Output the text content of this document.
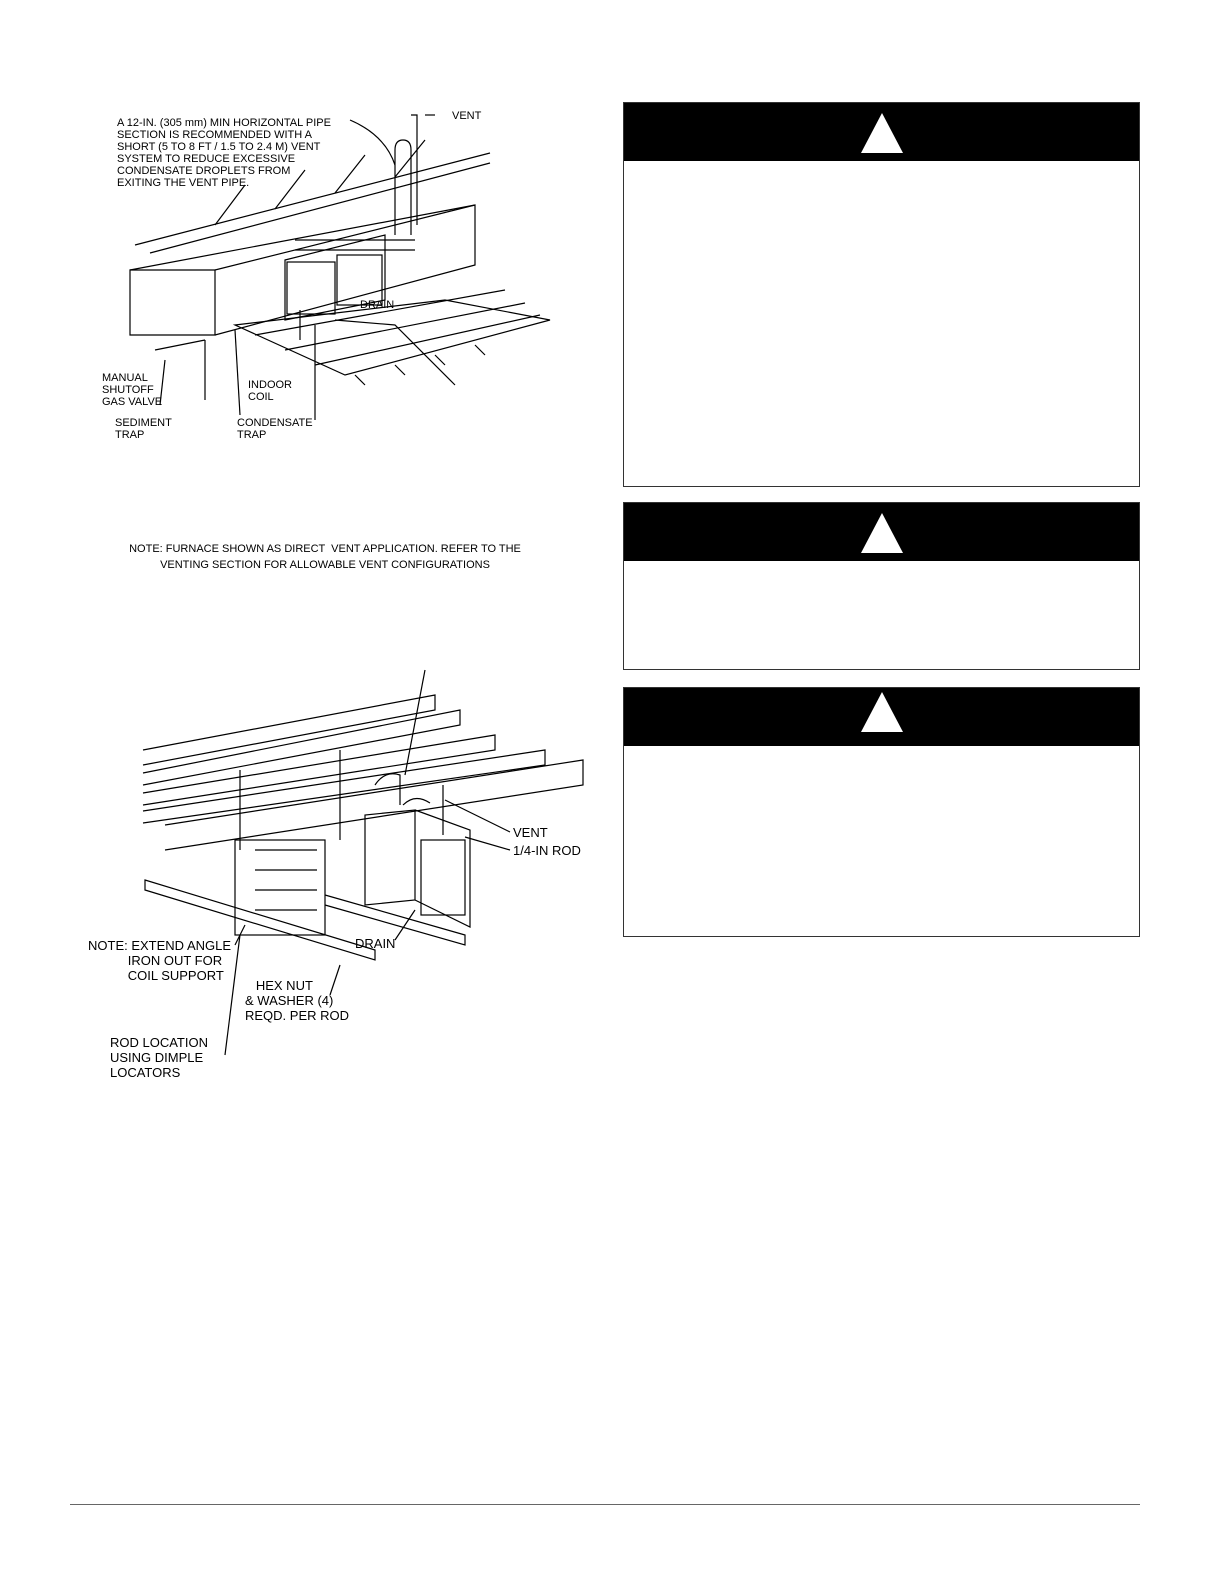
A 12-IN. (305 mm) MIN HORIZONTAL PIPE
SECTION IS RECOMMENDED WITH A
SHORT (5 TO 8 FT / 1.5 TO 2.4 M) VENT
SYSTEM TO REDUCE EXCESSIVE
CONDENSATE DROPLETS FROM
EXITING THE VENT PIPE.
VENT
DRAIN
MANUAL
SHUTOFF
GAS VALVE
INDOOR
COIL
SEDIMENT
TRAP
CONDENSATE
TRAP
NOTE: FURNACE SHOWN AS DIRECT  VENT APPLICATION. REFER TO THE
VENTING SECTION FOR ALLOWABLE VENT CONFIGURATIONS
VENT
1/4-IN ROD
DRAIN
NOTE: EXTEND ANGLE
IRON OUT FOR
COIL SUPPORT
HEX NUT
& WASHER (4)
REQD. PER ROD
ROD LOCATION
USING DIMPLE
LOCATORS
